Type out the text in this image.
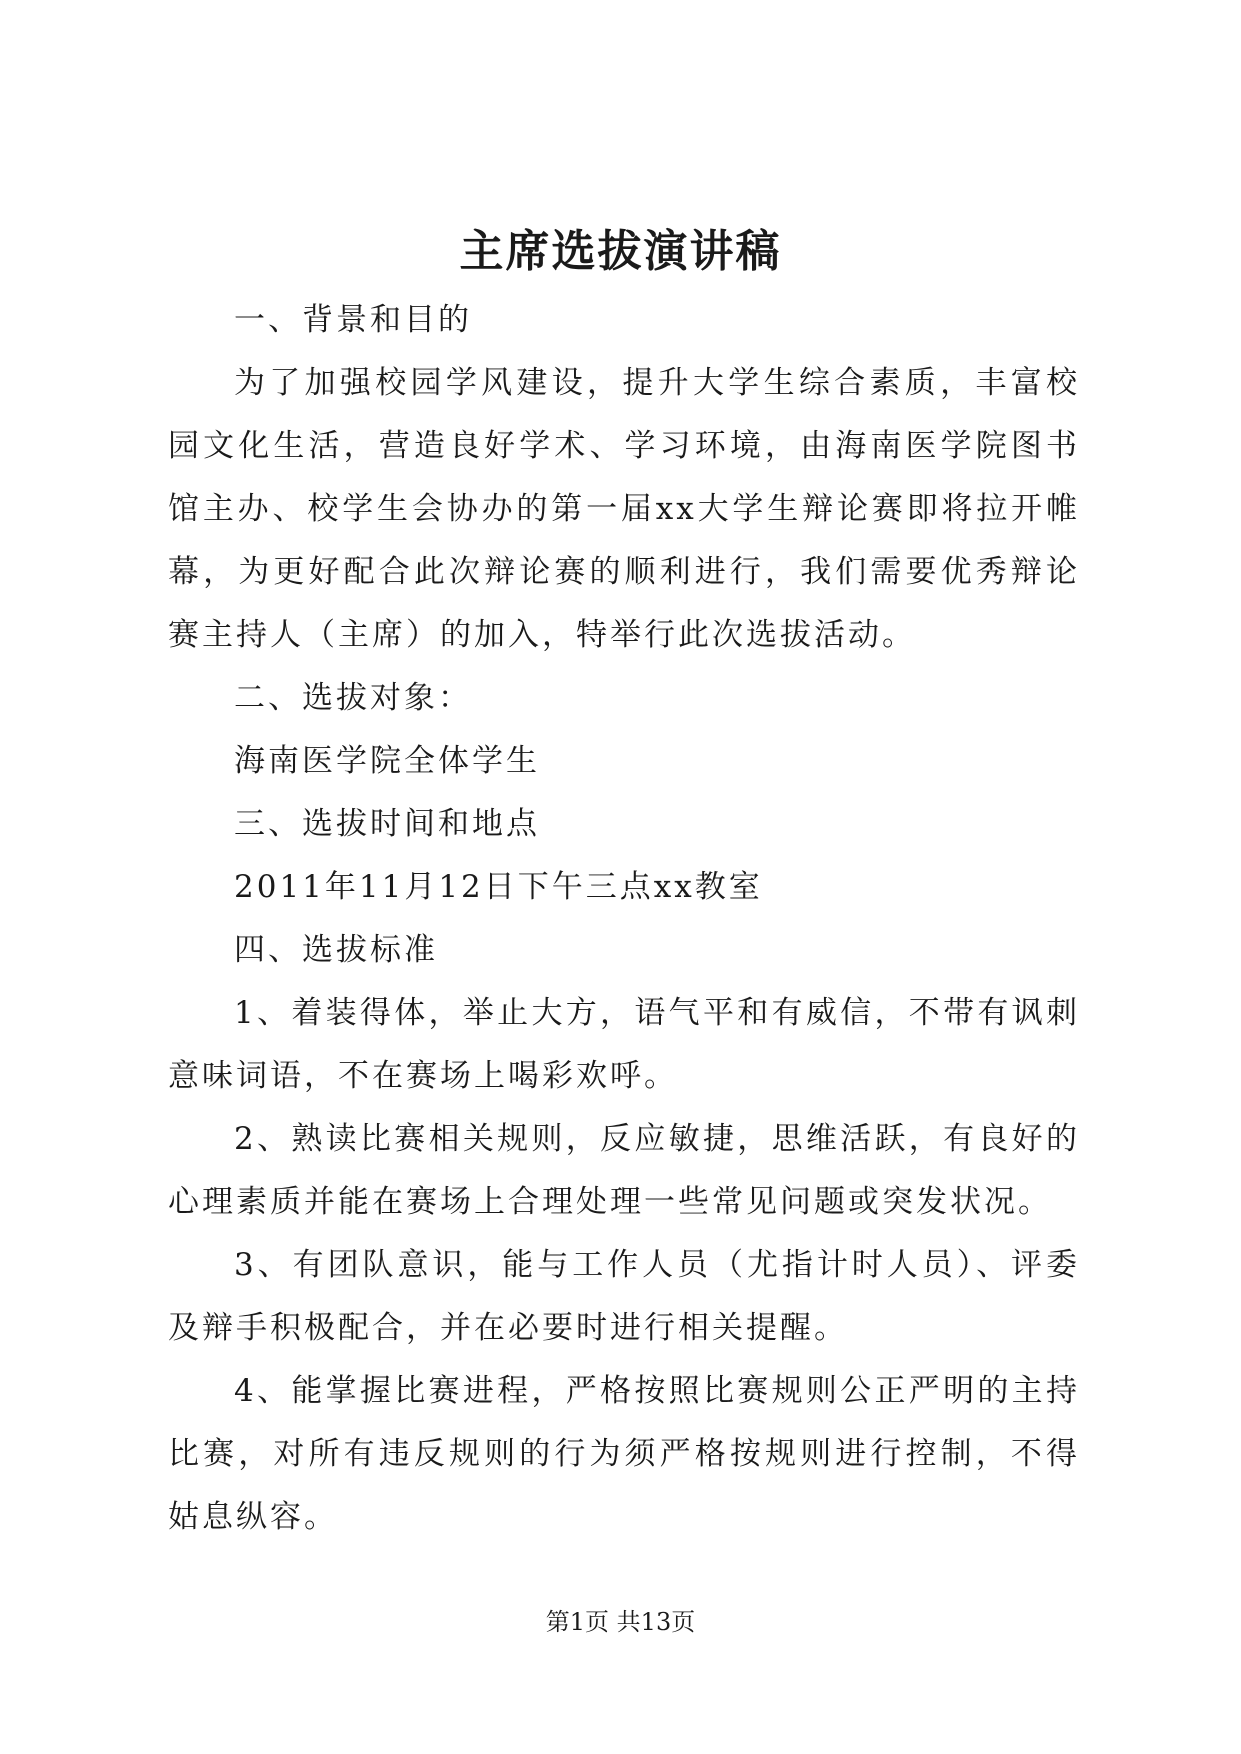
主席选拔演讲稿

一、背景和目的

为了加强校园学风建设，提升大学生综合素质，丰富校园文化生活，营造良好学术、学习环境，由海南医学院图书馆主办、校学生会协办的第一届xx大学生辩论赛即将拉开帷幕，为更好配合此次辩论赛的顺利进行，我们需要优秀辩论赛主持人（主席）的加入，特举行此次选拔活动。

二、选拔对象：

海南医学院全体学生

三、选拔时间和地点

2011年11月12日下午三点xx教室

四、选拔标准

1、着装得体，举止大方，语气平和有威信，不带有讽刺意味词语，不在赛场上喝彩欢呼。

2、熟读比赛相关规则，反应敏捷，思维活跃，有良好的心理素质并能在赛场上合理处理一些常见问题或突发状况。

3、有团队意识，能与工作人员（尤指计时人员）、评委及辩手积极配合，并在必要时进行相关提醒。

4、能掌握比赛进程，严格按照比赛规则公正严明的主持比赛，对所有违反规则的行为须严格按规则进行控制，不得姑息纵容。

第1页 共13页
